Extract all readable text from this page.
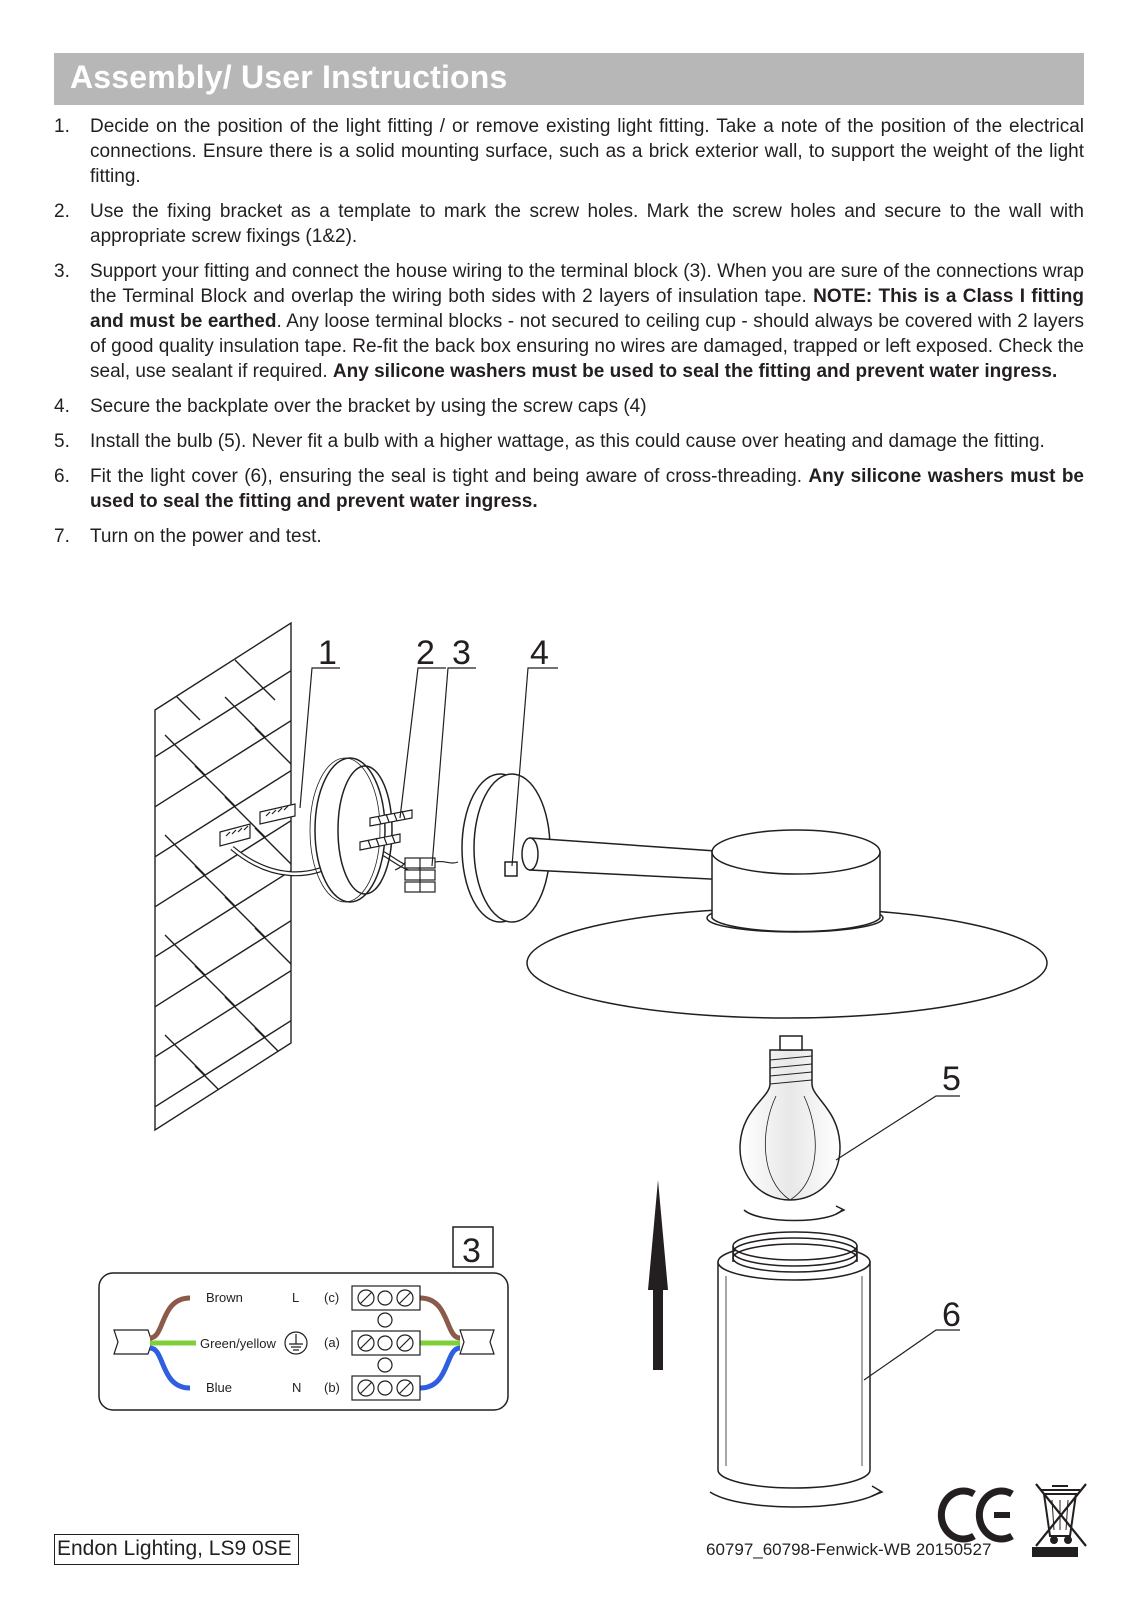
Assembly/ User Instructions
1. Decide on the position of the light fitting / or remove existing light fitting. Take a note of the position of the electrical connections. Ensure there is a solid mounting surface, such as a brick exterior wall, to support the weight of the light fitting.
2. Use the fixing bracket as a template to mark the screw holes. Mark the screw holes and secure to the wall with appropriate screw fixings (1&2).
3. Support your fitting and connect the house wiring to the terminal block (3). When you are sure of the connections wrap the Terminal Block and overlap the wiring both sides with 2 layers of insulation tape. NOTE: This is a Class I fitting and must be earthed. Any loose terminal blocks - not secured to ceiling cup - should always be covered with 2 layers of good quality insulation tape. Re-fit the back box ensuring no wires are damaged, trapped or left exposed. Check the seal, use sealant if required. Any silicone washers must be used to seal the fitting and prevent water ingress.
4. Secure the backplate over the bracket by using the screw caps (4)
5. Install the bulb (5). Never fit a bulb with a higher wattage, as this could cause over heating and damage the fitting.
6. Fit the light cover (6), ensuring the seal is tight and being aware of cross-threading. Any silicone washers must be used to seal the fitting and prevent water ingress.
7. Turn on the power and test.
1 2 3 4
5
6
3
Brown
Green/yellow
Blue
L
N
(c)
(a)
(b)
Endon Lighting, LS9 0SE	60797_60798-Fenwick-WB 20150527
